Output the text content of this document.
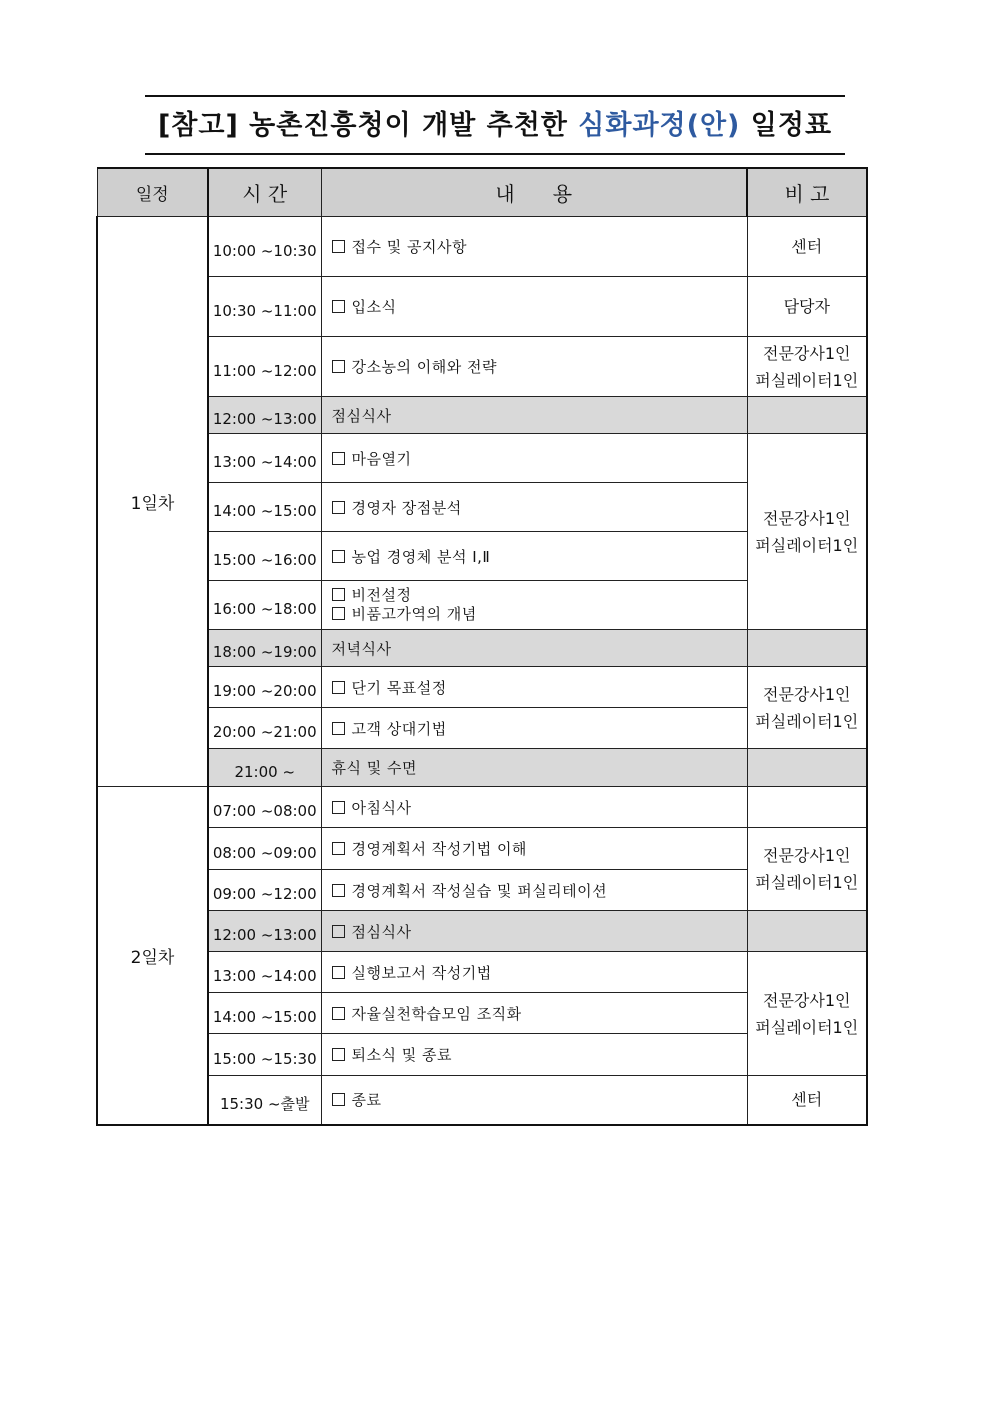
[참고] 농촌진흥청이 개발 추천한 심화과정(안) 일정표
일정	시 간	내      용	비 고
1일차	10:00 ~10:30	접수 및 공지사항	센터

	10:30 ~11:00	입소식	담당자

	11:00 ~12:00	강소농의 이해와 전략	전문강사1인
퍼실레이터1인

	12:00 ~13:00	점심식사	
	13:00 ~14:00	마음열기	전문강사1인
퍼실레이터1인

	14:00 ~15:00	경영자 장점분석	

	15:00 ~16:00	농업 경영체 분석 Ⅰ,Ⅱ	

	16:00 ~18:00	비전설정
비품고가역의 개념	

	18:00 ~19:00	저녁식사	
	19:00 ~20:00	단기 목표설정	전문강사1인
퍼실레이터1인

	20:00 ~21:00	고객 상대기법	

	21:00 ~	휴식 및 수면	
2일차	07:00 ~08:00	아침식사	

	08:00 ~09:00	경영계획서 작성기법 이해	전문강사1인
퍼실레이터1인

	09:00 ~12:00	경영계획서 작성실습 및 퍼실리테이션	

	12:00 ~13:00	점심식사	

	13:00 ~14:00	실행보고서 작성기법	전문강사1인
퍼실레이터1인

	14:00 ~15:00	자율실천학습모임 조직화	

	15:00 ~15:30	퇴소식 및 종료	

	15:30 ~출발	종료	센터
